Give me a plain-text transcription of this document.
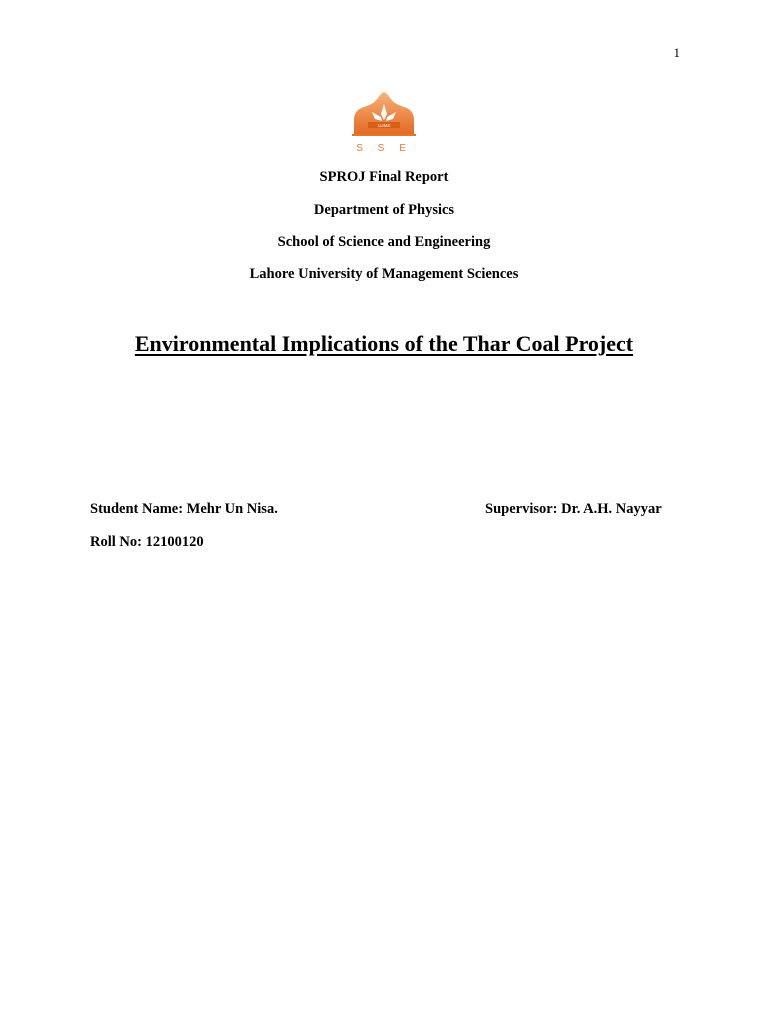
1
LUMS
S S E
SPROJ Final Report
Department of Physics
School of Science and Engineering
Lahore University of Management Sciences
Environmental Implications of the Thar Coal Project
Student Name: Mehr Un Nisa.	Supervisor: Dr. A.H. Nayyar
Roll No: 12100120
